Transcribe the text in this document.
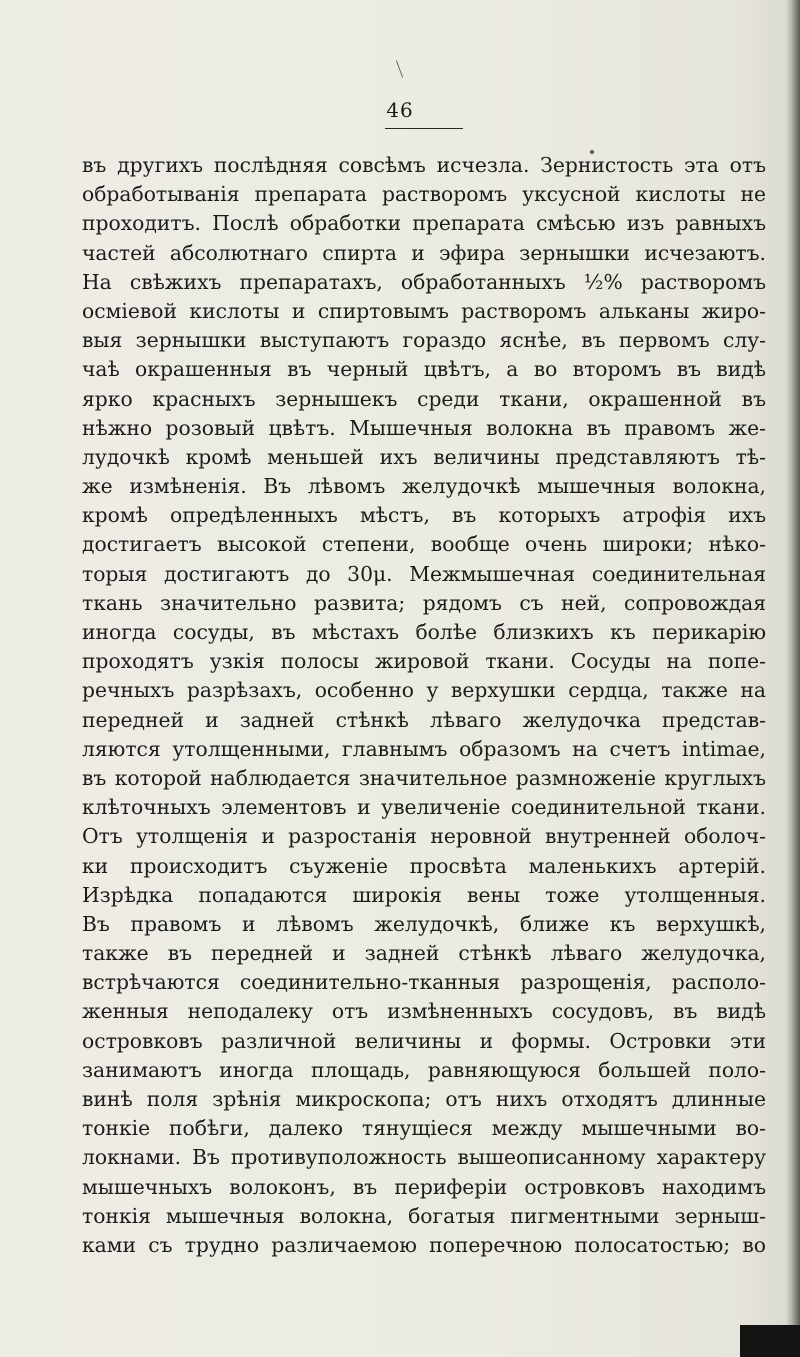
46
въ другихъ послѣдняя совсѣмъ исчезла. Зернистость эта отъ
обработыванія препарата растворомъ уксусной кислоты не
проходитъ. Послѣ обработки препарата смѣсью изъ равныхъ
частей абсолютнаго спирта и эфира зернышки исчезаютъ.
На свѣжихъ препаратахъ, обработанныхъ ½% растворомъ
осміевой кислоты и спиртовымъ растворомъ альканы жиро-
выя зернышки выступаютъ гораздо яснѣе, въ первомъ слу-
чаѣ окрашенныя въ черный цвѣтъ, а во второмъ въ видѣ
ярко красныхъ зернышекъ среди ткани, окрашенной въ
нѣжно розовый цвѣтъ. Мышечныя волокна въ правомъ же-
лудочкѣ кромѣ меньшей ихъ величины представляютъ тѣ-
же измѣненія. Въ лѣвомъ желудочкѣ мышечныя волокна,
кромѣ опредѣленныхъ мѣстъ, въ которыхъ атрофія ихъ
достигаетъ высокой степени, вообще очень широки; нѣко-
торыя достигаютъ до 30μ. Межмышечная соединительная
ткань значительно развита; рядомъ съ ней, сопровождая
иногда сосуды, въ мѣстахъ болѣе близкихъ къ перикарію
проходятъ узкія полосы жировой ткани. Сосуды на попе-
речныхъ разрѣзахъ, особенно у верхушки сердца, также на
передней и задней стѣнкѣ лѣваго желудочка представ-
ляются утолщенными, главнымъ образомъ на счетъ intimae,
въ которой наблюдается значительное размноженіе круглыхъ
клѣточныхъ элементовъ и увеличеніе соединительной ткани.
Отъ утолщенія и разростанія неровной внутренней оболоч-
ки происходитъ съуженіе просвѣта маленькихъ артерій.
Изрѣдка попадаются широкія вены тоже утолщенныя.
Въ правомъ и лѣвомъ желудочкѣ, ближе къ верхушкѣ,
также въ передней и задней стѣнкѣ лѣваго желудочка,
встрѣчаются соединительно-тканныя разрощенія, располо-
женныя неподалеку отъ измѣненныхъ сосудовъ, въ видѣ
островковъ различной величины и формы. Островки эти
занимаютъ иногда площадь, равняющуюся большей поло-
винѣ поля зрѣнія микроскопа; отъ нихъ отходятъ длинные
тонкіе побѣги, далеко тянущіеся между мышечными во-
локнами. Въ противуположность вышеописанному характеру
мышечныхъ волоконъ, въ периферіи островковъ находимъ
тонкія мышечныя волокна, богатыя пигментными зерныш-
ками съ трудно различаемою поперечною полосатостью; во
